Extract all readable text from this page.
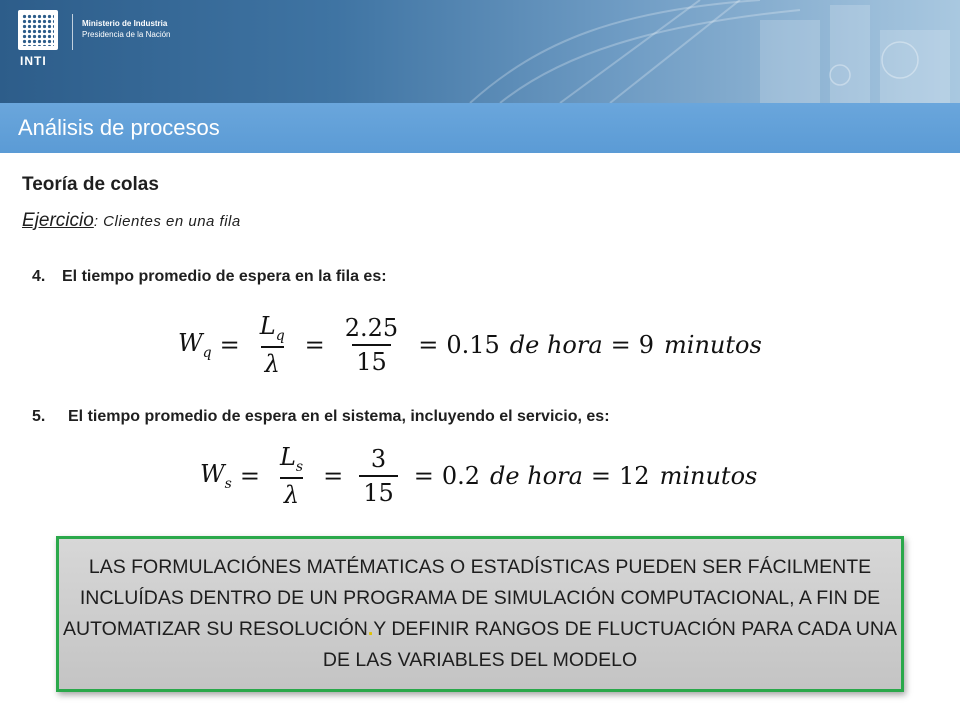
INTI
Ministerio de Industria
Presidencia de la Nación
Análisis de procesos
Teoría de colas
Ejercicio: Clientes en una fila
4. El tiempo promedio de espera en la fila es:
$W_q = \frac{L_q}{\lambda} = \frac{2.25}{15} = 0.15$ de hora = 9 minutos
5. El tiempo promedio de espera en el sistema, incluyendo el servicio, es:
$W_s = \frac{L_s}{\lambda} = \frac{3}{15} = 0.2$ de hora = 12 minutos
LAS FORMULACIÓNES MATÉMATICAS O ESTADÍSTICAS PUEDEN SER FÁCILMENTE INCLUÍDAS DENTRO DE UN PROGRAMA DE SIMULACIÓN COMPUTACIONAL, A FIN DE AUTOMATIZAR SU RESOLUCIÓN.Y DEFINIR RANGOS DE FLUCTUACIÓN PARA CADA UNA DE LAS VARIABLES DEL MODELO
